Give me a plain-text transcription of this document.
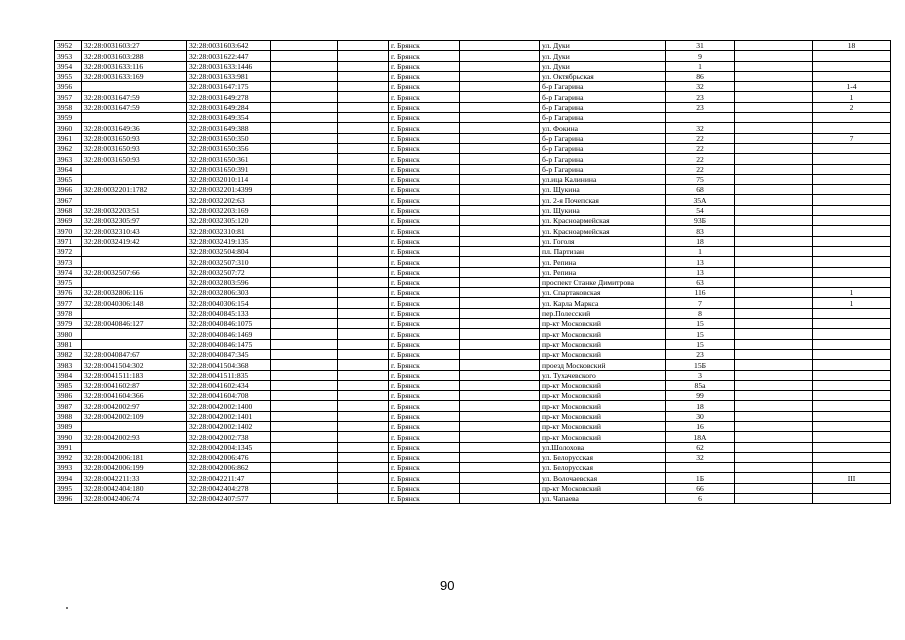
3952	32:28:0031603:27	32:28:0031603:642			г. Брянск		ул. Дуки	31		18
3953	32:28:0031603:288	32:28:0031622:447			г. Брянск		ул. Дуки	9		
3954	32:28:0031633:116	32:28:0031633:1446			г. Брянск		ул. Дуки	1		
3955	32:28:0031633:169	32:28:0031633:981			г. Брянск		ул. Октябрьская	86		
3956		32:28:0031647:175			г. Брянск		б-р Гагарина	32		1-4
3957	32:28:0031647:59	32:28:0031649:278			г. Брянск		б-р Гагарина	23		1
3958	32:28:0031647:59	32:28:0031649:284			г. Брянск		б-р Гагарина	23		2
3959		32:28:0031649:354			г. Брянск		б-р Гагарина			
3960	32:28:0031649:36	32:28:0031649:388			г. Брянск		ул. Фокина	32		
3961	32:28:0031650:93	32:28:0031650:350			г. Брянск		б-р Гагарина	22		7
3962	32:28:0031650:93	32:28:0031650:356			г. Брянск		б-р Гагарина	22		
3963	32:28:0031650:93	32:28:0031650:361			г. Брянск		б-р Гагарина	22		
3964		32:28:0031650:391			г. Брянск		б-р Гагарина	22		
3965		32:28:0032010:114			г. Брянск		ул.ица Калинина	75		
3966	32:28:0032201:1782	32:28:0032201:4399			г. Брянск		ул. Щукина	68		
3967		32:28:0032202:63			г. Брянск		ул. 2-я Почепская	35А		
3968	32:28:0032203:51	32:28:0032203:169			г. Брянск		ул. Щукина	54		
3969	32:28:0032305:97	32:28:0032305:120			г. Брянск		ул. Красноармейская	93Б		
3970	32:28:0032310:43	32:28:0032310:81			г. Брянск		ул. Красноармейская	83		
3971	32:28:0032419:42	32:28:0032419:135			г. Брянск		ул. Гоголя	18		
3972		32:28:0032504:804			г. Брянск		пл. Партизан	1		
3973		32:28:0032507:310			г. Брянск		ул. Репина	13		
3974	32:28:0032507:66	32:28:0032507:72			г. Брянск		ул. Репина	13		
3975		32:28:0032803:596			г. Брянск		проспект Станке Димитрова	63		
3976	32:28:0032806:116	32:28:0032806:303			г. Брянск		ул. Спартаковская	116		1
3977	32:28:0040306:148	32:28:0040306:154			г. Брянск		ул. Карла Маркса	7		1
3978		32:28:0040845:133			г. Брянск		пер.Полесский	8		
3979	32:28:0040846:127	32:28:0040846:1075			г. Брянск		пр-кт Московский	15		
3980		32:28:0040846:1469			г. Брянск		пр-кт Московский	15		
3981		32:28:0040846:1475			г. Брянск		пр-кт Московский	15		
3982	32:28:0040847:67	32:28:0040847:345			г. Брянск		пр-кт Московский	23		
3983	32:28:0041504:302	32:28:0041504:368			г. Брянск		проезд Московский	15Б		
3984	32:28:0041511:183	32:28:0041511:835			г. Брянск		ул. Тухачевского	3		
3985	32:28:0041602:87	32:28:0041602:434			г. Брянск		пр-кт Московский	85а		
3986	32:28:0041604:366	32:28:0041604:708			г. Брянск		пр-кт Московский	99		
3987	32:28:0042002:97	32:28:0042002:1400			г. Брянск		пр-кт Московский	18		
3988	32:28:0042002:109	32:28:0042002:1401			г. Брянск		пр-кт Московский	30		
3989		32:28:0042002:1402			г. Брянск		пр-кт Московский	16		
3990	32:28:0042002:93	32:28:0042002:738			г. Брянск		пр-кт Московский	18А		
3991		32:28:0042004:1345			г. Брянск		ул.Шолохова	62		
3992	32:28:0042006:181	32:28:0042006:476			г. Брянск		ул. Белорусская	32		
3993	32:28:0042006:199	32:28:0042006:862			г. Брянск		ул. Белорусская			
3994	32:28:0042211:33	32:28:0042211:47			г. Брянск		ул. Волочаевская	1Б		III
3995	32:28:0042404:180	32:28:0042404:278			г. Брянск		пр-кт Московский	66		
3996	32:28:0042406:74	32:28:0042407:577			г. Брянск		ул. Чапаева	6		
90
